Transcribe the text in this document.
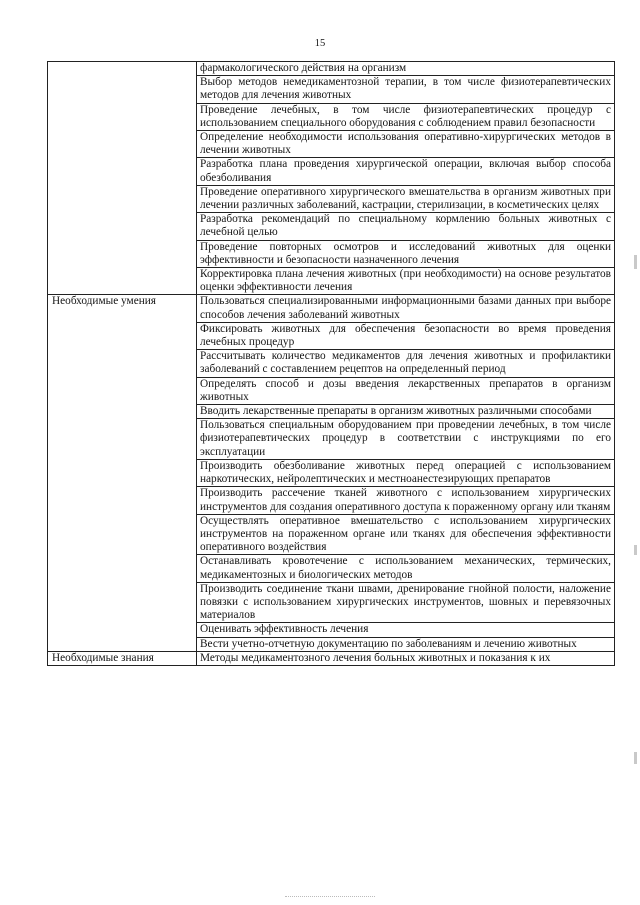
15
	фармакологического действия на организм
	Выбор методов немедикаментозной терапии, в том числе физиотерапевтических методов для лечения животных
	Проведение лечебных, в том числе физиотерапевтических процедур с использованием специального оборудования с соблюдением правил безопасности
	Определение необходимости использования оперативно-хирургических методов в лечении животных
	Разработка плана проведения хирургической операции, включая выбор способа обезболивания
	Проведение оперативного хирургического вмешательства в организм животных при лечении различных заболеваний, кастрации, стерилизации, в косметических целях
	Разработка рекомендаций по специальному кормлению больных животных с лечебной целью
	Проведение повторных осмотров и исследований животных для оценки эффективности и безопасности назначенного лечения
	Корректировка плана лечения животных (при необходимости) на основе результатов оценки эффективности лечения
Необходимые умения	Пользоваться специализированными информационными базами данных при выборе способов лечения заболеваний животных
	Фиксировать животных для обеспечения безопасности во время проведения лечебных процедур
	Рассчитывать количество медикаментов для лечения животных и профилактики заболеваний с составлением рецептов на определенный период
	Определять способ и дозы введения лекарственных препаратов в организм животных
	Вводить лекарственные препараты в организм животных различными способами
	Пользоваться специальным оборудованием при проведении лечебных, в том числе физиотерапевтических процедур в соответствии с инструкциями по его эксплуатации
	Производить обезболивание животных перед операцией с использованием наркотических, нейролептических и местноанестезирующих препаратов
	Производить рассечение тканей животного с использованием хирургических инструментов для создания оперативного доступа к пораженному органу или тканям
	Осуществлять оперативное вмешательство с использованием хирургических инструментов на пораженном органе или тканях для обеспечения эффективности оперативного воздействия
	Останавливать кровотечение с использованием механических, термических, медикаментозных и биологических методов
	Производить соединение ткани швами, дренирование гнойной полости, наложение повязки с использованием хирургических инструментов, шовных и перевязочных материалов
	Оценивать эффективность лечения
	Вести учетно-отчетную документацию по заболеваниям и лечению животных
Необходимые знания	Методы медикаментозного лечения больных животных и показания к их
